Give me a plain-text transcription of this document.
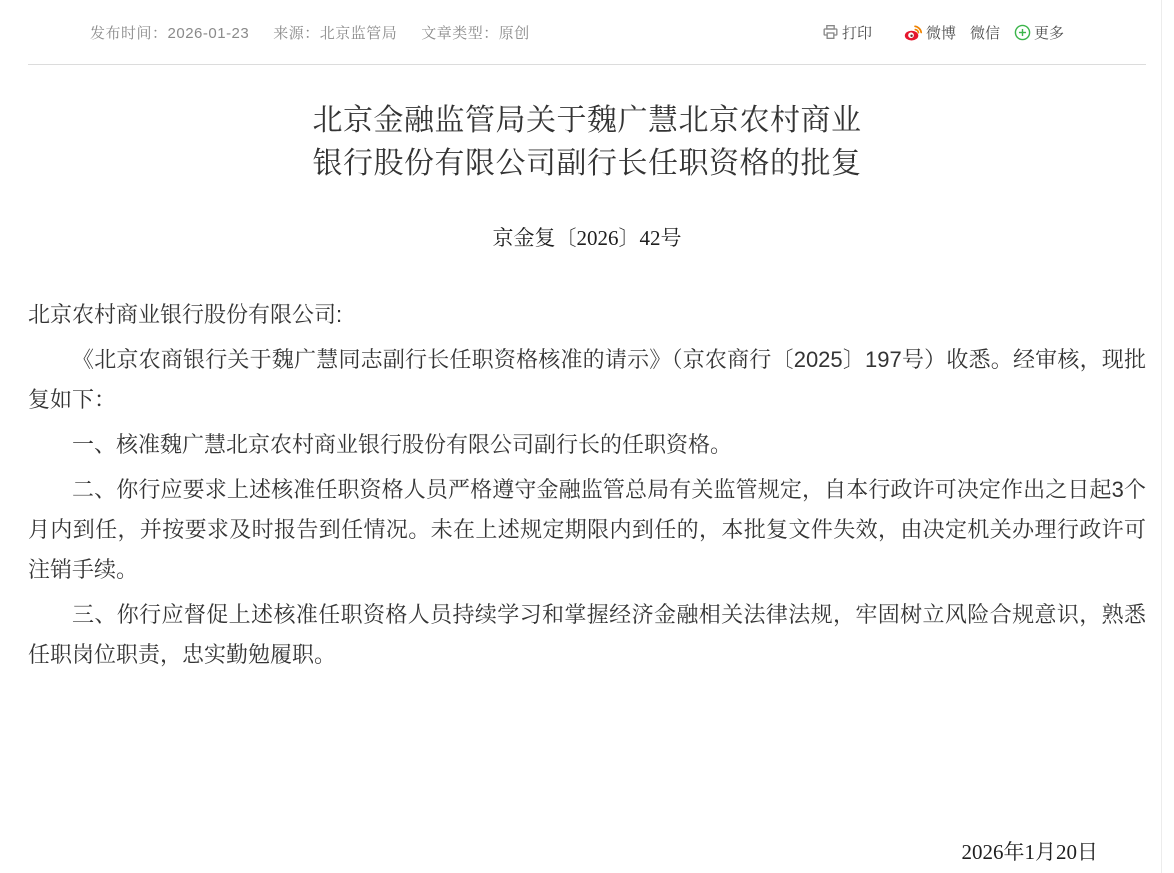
发布时间：2026-01-23 来源：北京监管局 文章类型：原创	打印	微博 微信 更多
北京金融监管局关于魏广慧北京农村商业银行股份有限公司副行长任职资格的批复
京金复〔2026〕42号

北京农村商业银行股份有限公司:

《北京农商银行关于魏广慧同志副行长任职资格核准的请示》（京农商行〔2025〕197号）收悉。经审核，现批复如下：

一、核准魏广慧北京农村商业银行股份有限公司副行长的任职资格。

二、你行应要求上述核准任职资格人员严格遵守金融监管总局有关监管规定，自本行政许可决定作出之日起3个月内到任，并按要求及时报告到任情况。未在上述规定期限内到任的，本批复文件失效，由决定机关办理行政许可注销手续。

三、你行应督促上述核准任职资格人员持续学习和掌握经济金融相关法律法规，牢固树立风险合规意识，熟悉任职岗位职责，忠实勤勉履职。

2026年1月20日
